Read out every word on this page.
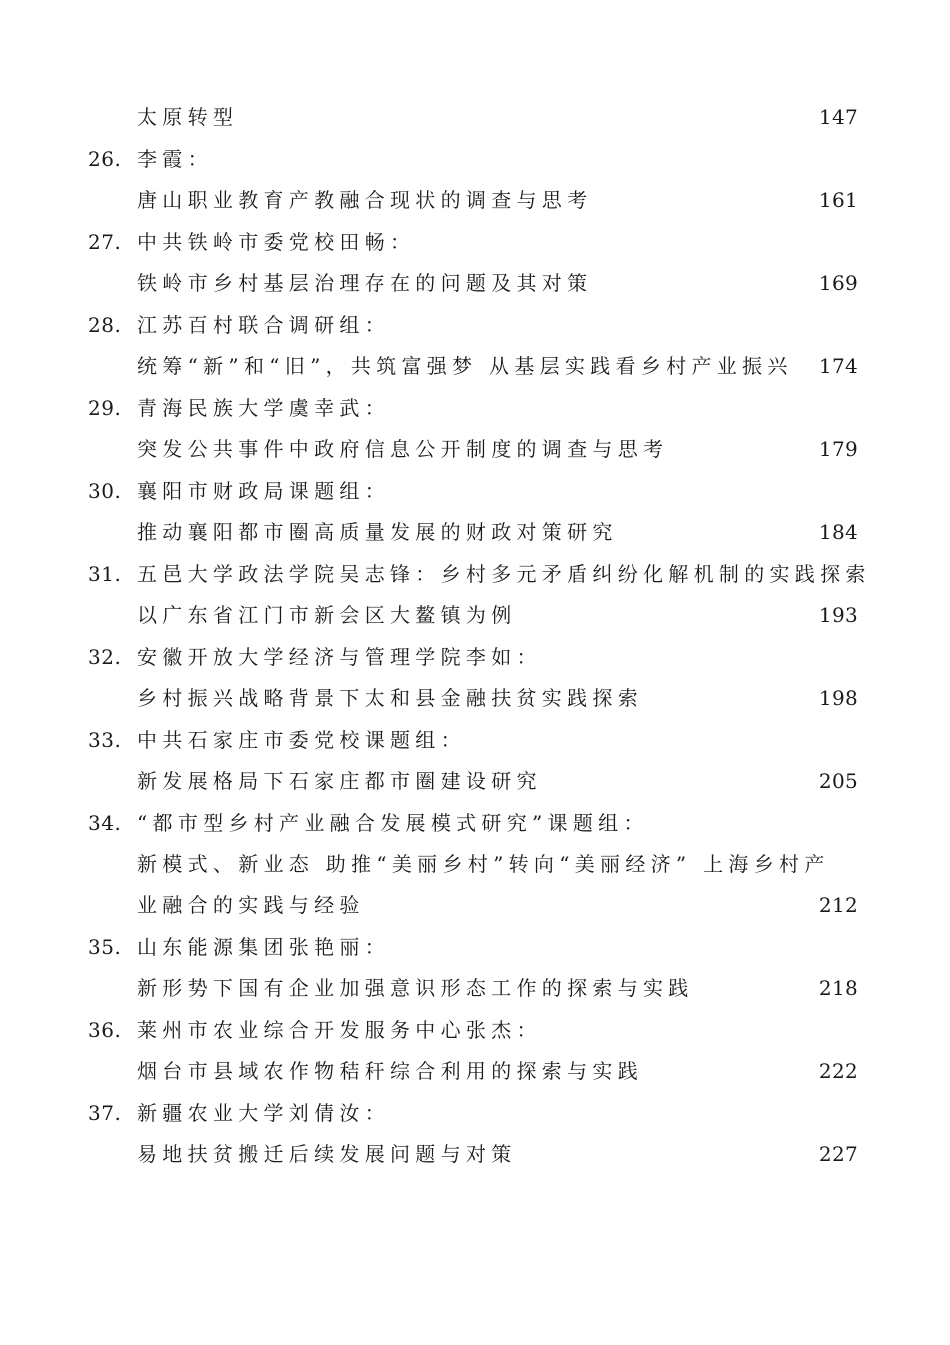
太原转型	147
26. 李霞：
唐山职业教育产教融合现状的调查与思考	161
27. 中共铁岭市委党校田畅：
铁岭市乡村基层治理存在的问题及其对策	169
28. 江苏百村联合调研组：
统筹“新”和“旧”，共筑富强梦 从基层实践看乡村产业振兴 174
29. 青海民族大学虞幸武：
突发公共事件中政府信息公开制度的调查与思考	179
30. 襄阳市财政局课题组：
推动襄阳都市圈高质量发展的财政对策研究	184
31. 五邑大学政法学院吴志锋：乡村多元矛盾纠纷化解机制的实践探索
以广东省江门市新会区大鳌镇为例	193
32. 安徽开放大学经济与管理学院李如：
乡村振兴战略背景下太和县金融扶贫实践探索	198
33. 中共石家庄市委党校课题组：
新发展格局下石家庄都市圈建设研究	205
34. “都市型乡村产业融合发展模式研究”课题组：
新模式、新业态 助推“美丽乡村”转向“美丽经济” 上海乡村产
业融合的实践与经验	212
35. 山东能源集团张艳丽：
新形势下国有企业加强意识形态工作的探索与实践	218
36. 莱州市农业综合开发服务中心张杰：
烟台市县域农作物秸秆综合利用的探索与实践	222
37. 新疆农业大学刘倩汝：
易地扶贫搬迁后续发展问题与对策	227
